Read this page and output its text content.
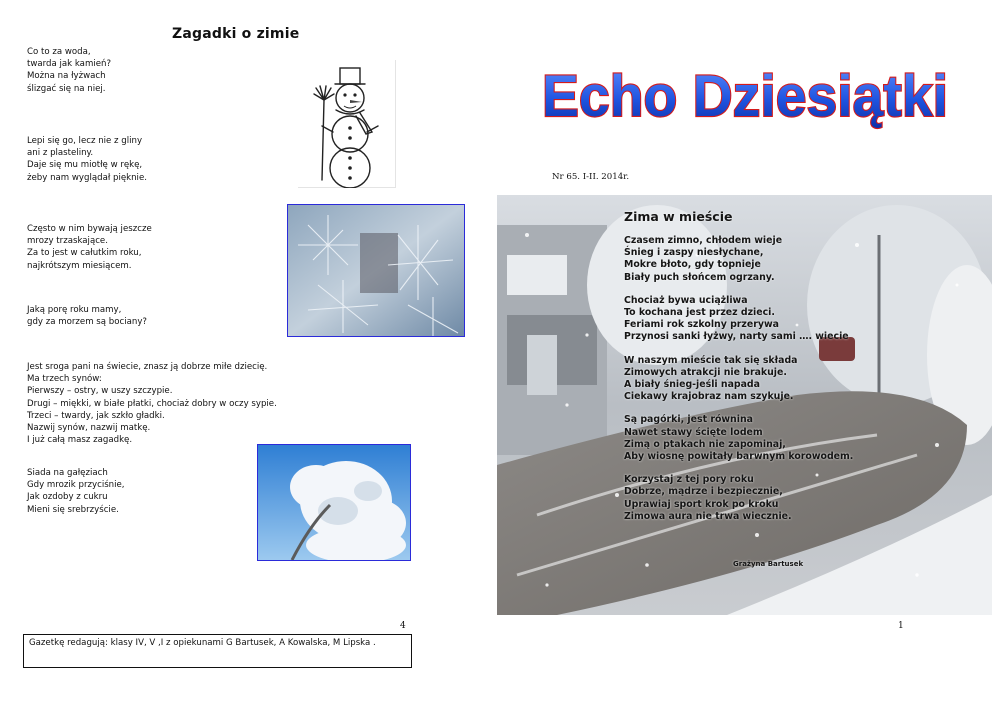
Zagadki o zimie
Co to za woda,
twarda jak kamień?
Można na łyżwach
ślizgać się na niej.
Lepi się go, lecz nie z gliny
ani z plasteliny.
Daje się mu miotłę w rękę,
żeby nam wyglądał pięknie.
Często w nim bywają jeszcze
mrozy trzaskające.
Za to jest w całutkim roku,
najkrótszym miesiącem.
Jaką porę roku mamy,
gdy za morzem są bociany?
Jest sroga pani na świecie, znasz ją dobrze miłe dziecię.
Ma trzech synów:
Pierwszy – ostry, w uszy szczypie.
Drugi – miękki, w białe płatki, chociaż dobry w oczy sypie.
Trzeci – twardy, jak szkło gładki.
Nazwij synów, nazwij matkę.
I już całą masz zagadkę.
Siada na gałęziach
Gdy mrozik przyciśnie,
Jak ozdoby z cukru
Mieni się srebrzyście.
4
Gazetkę redagują: klasy IV, V ,I z opiekunami G Bartusek, A Kowalska, M Lipska .
Echo Dziesiątki
Nr 65. I-II. 2014r.
Zima w mieście
Czasem zimno, chłodem wieje
Śnieg i zaspy niesłychane,
Mokre błoto, gdy topnieje
Biały puch słońcem ogrzany.
Chociaż bywa uciążliwa
To kochana jest przez dzieci.
Feriami rok szkolny przerywa
Przynosi sanki łyżwy, narty sami …. wiecie
W naszym mieście tak się składa
Zimowych atrakcji nie brakuje.
A biały śnieg-jeśli napada
Ciekawy krajobraz nam szykuje.
Są pagórki, jest równina
Nawet stawy ścięte lodem
Zimą o ptakach nie zapominaj,
Aby wiosnę powitały barwnym korowodem.
Korzystaj z tej pory roku
Dobrze, mądrze i bezpiecznie,
Uprawiaj sport krok po kroku
Zimowa aura nie trwa wiecznie.
Grażyna Bartusek
1
